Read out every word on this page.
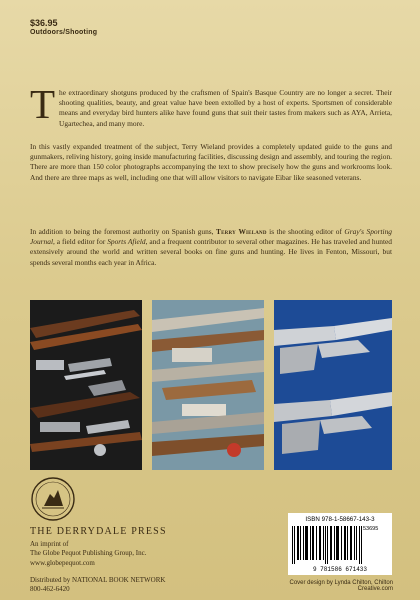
$36.95
Outdoors/Shooting

The extraordinary shotguns produced by the craftsmen of Spain's Basque Country are no longer a secret. Their shooting qualities, beauty, and great value have been extolled by a host of experts. Sportsmen of considerable means and everyday bird hunters alike have found guns that suit their tastes from makers such as AYA, Arrieta, Ugartechea, and many more.

In this vastly expanded treatment of the subject, Terry Wieland provides a completely updated guide to the guns and gunmakers, reliving history, going inside manufacturing facilities, discussing design and assembly, and touring the region. There are more than 150 color photographs accompanying the text to show precisely how the guns and workrooms look. And there are three maps as well, including one that will allow visitors to navigate Eibar like seasoned veterans.

In addition to being the foremost authority on Spanish guns, Terry Wieland is the shooting editor of Gray's Sporting Journal, a field editor for Sports Afield, and a frequent contributor to several other magazines. He has traveled and hunted extensively around the world and written several books on fine guns and hunting. He lives in Fenton, Missouri, but spends several months each year in Africa.

THE DERRYDALE PRESS
An imprint of
The Globe Pequot Publishing Group, Inc.
www.globepequot.com
Distributed by NATIONAL BOOK NETWORK
800-462-6420
ISBN 978-1-58667-143-3
53695
9 781586 671433
Cover design by Lynda Chilton, Chilton Creative.com
